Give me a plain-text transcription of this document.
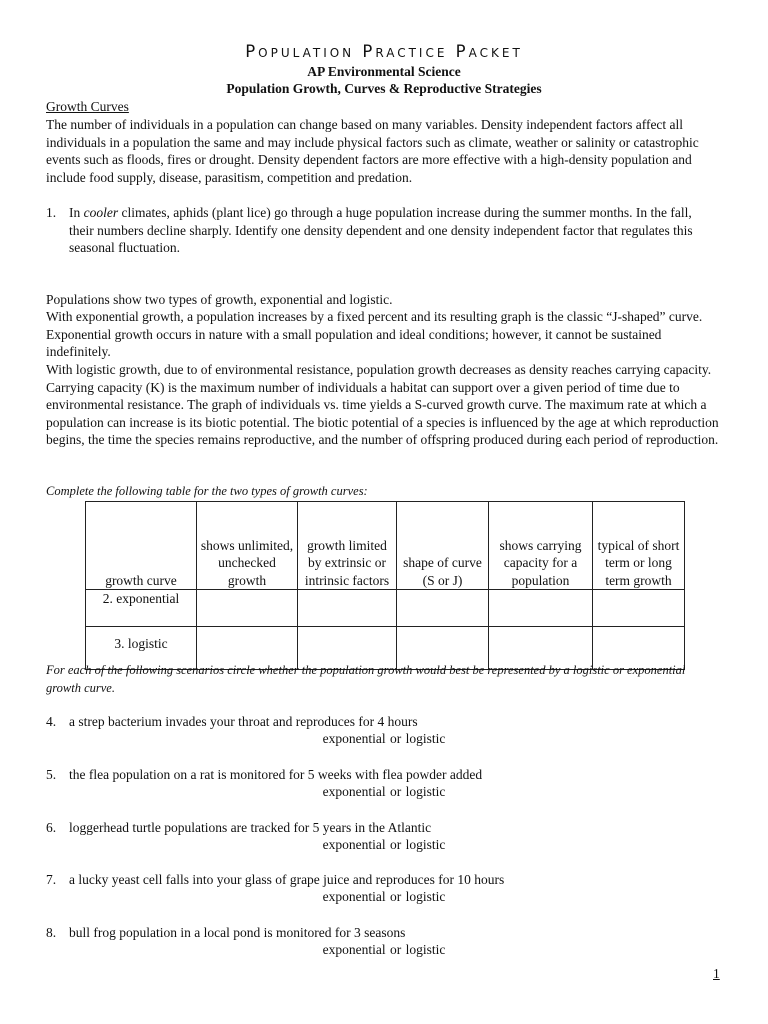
Population Practice Packet
AP Environmental Science
Population Growth, Curves & Reproductive Strategies
Growth Curves
The number of individuals in a population can change based on many variables. Density independent factors affect all individuals in a population the same and may include physical factors such as climate, weather or salinity or catastrophic events such as floods, fires or drought. Density dependent factors are more effective with a high-density population and include food supply, disease, parasitism, competition and predation.
1. In cooler climates, aphids (plant lice) go through a huge population increase during the summer months. In the fall, their numbers decline sharply. Identify one density dependent and one density independent factor that regulates this seasonal fluctuation.
Populations show two types of growth, exponential and logistic.
With exponential growth, a population increases by a fixed percent and its resulting graph is the classic “J-shaped” curve. Exponential growth occurs in nature with a small population and ideal conditions; however, it cannot be sustained indefinitely.
With logistic growth, due to of environmental resistance, population growth decreases as density reaches carrying capacity. Carrying capacity (K) is the maximum number of individuals a habitat can support over a given period of time due to environmental resistance. The graph of individuals vs. time yields a S-curved growth curve. The maximum rate at which a population can increase is its biotic potential. The biotic potential of a species is influenced by the age at which reproduction begins, the time the species remains reproductive, and the number of offspring produced during each period of reproduction.
Complete the following table for the two types of growth curves:
growth curve	shows unlimited, unchecked growth	growth limited by extrinsic or intrinsic factors	shape of curve (S or J)	shows carrying capacity for a population	typical of short term or long term growth
2. exponential					
3. logistic					
For each of the following scenarios circle whether the population growth would best be represented by a logistic or exponential growth curve.
4. a strep bacterium invades your throat and reproduces for 4 hours
exponential or logistic
5. the flea population on a rat is monitored for 5 weeks with flea powder added
exponential or logistic
6. loggerhead turtle populations are tracked for 5 years in the Atlantic
exponential or logistic
7. a lucky yeast cell falls into your glass of grape juice and reproduces for 10 hours
exponential or logistic
8. bull frog population in a local pond is monitored for 3 seasons
exponential or logistic
1
